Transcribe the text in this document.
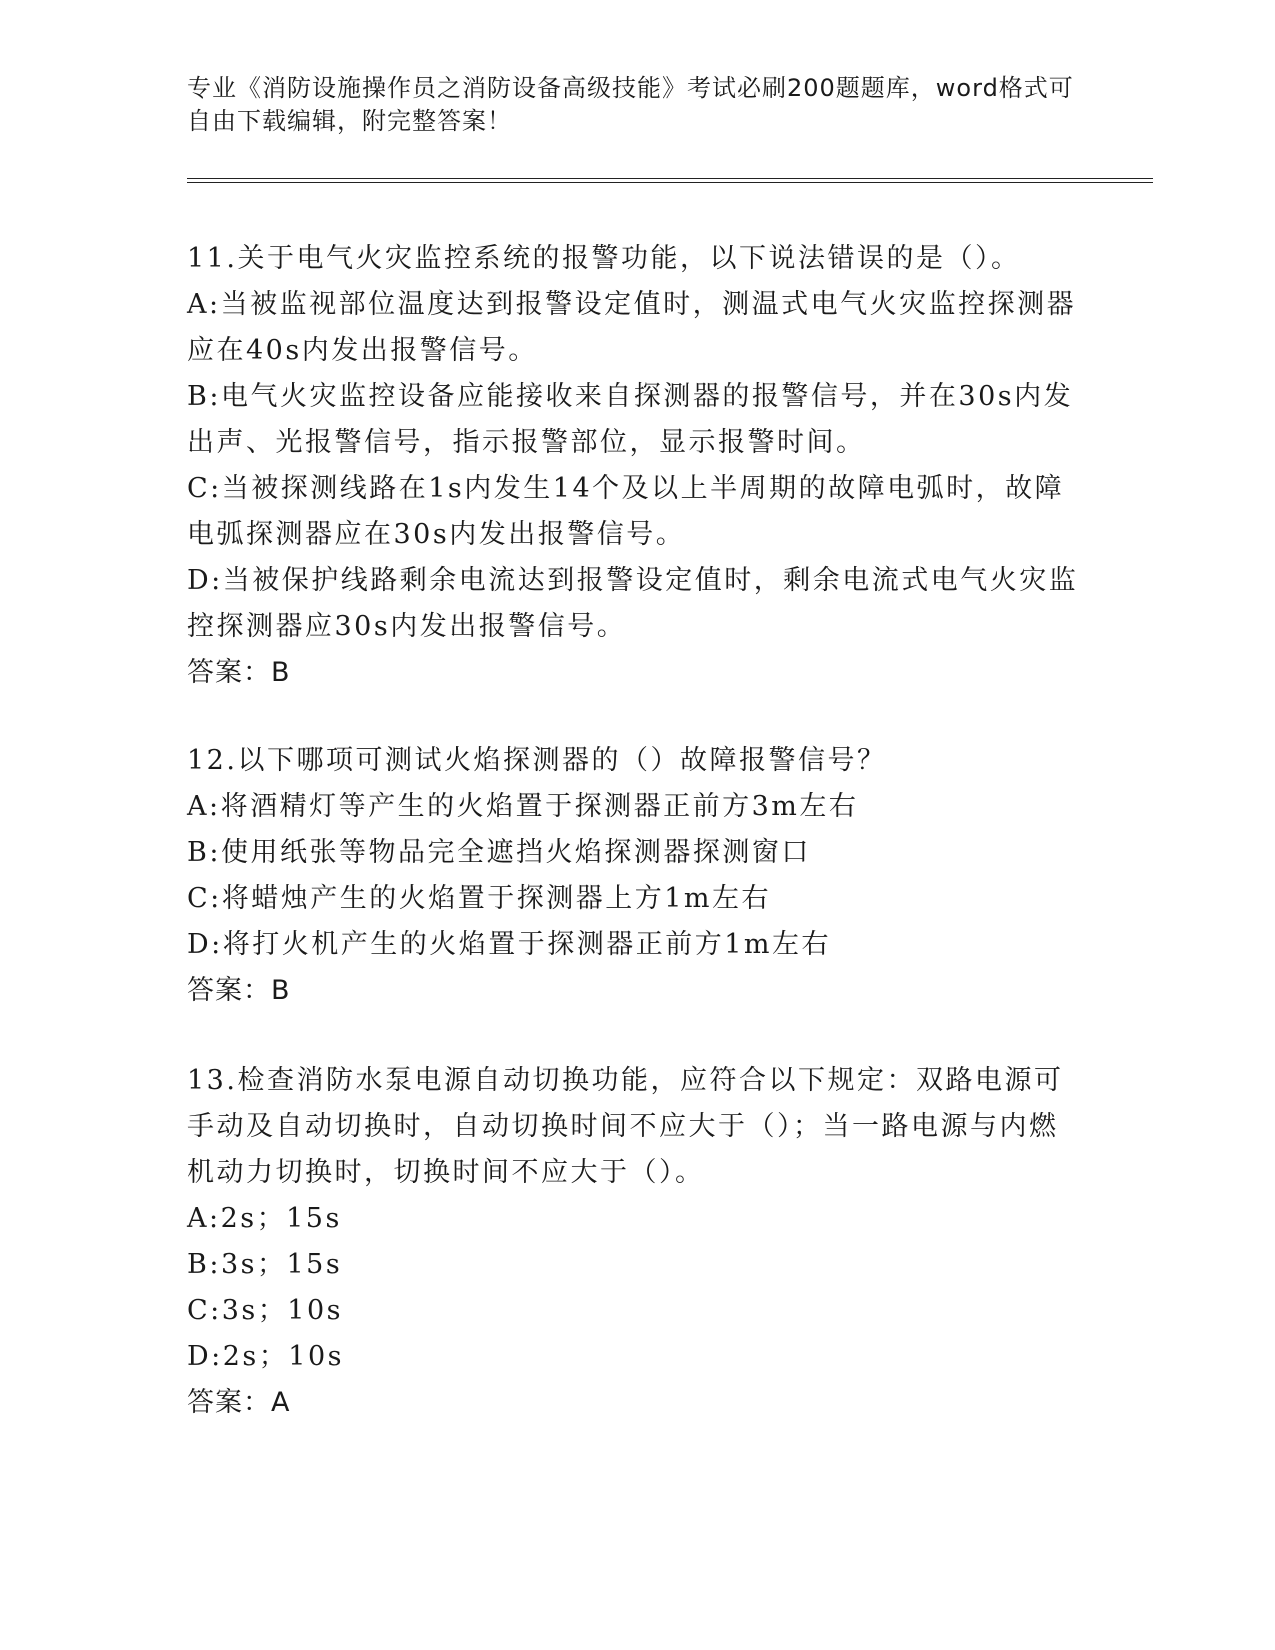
专业《消防设施操作员之消防设备高级技能》考试必刷200题题库，word格式可自由下载编辑，附完整答案！

11.关于电气火灾监控系统的报警功能，以下说法错误的是（）。

A:当被监视部位温度达到报警设定值时，测温式电气火灾监控探测器应在40s内发出报警信号。

B:电气火灾监控设备应能接收来自探测器的报警信号，并在30s内发出声、光报警信号，指示报警部位，显示报警时间。

C:当被探测线路在1s内发生14个及以上半周期的故障电弧时，故障电弧探测器应在30s内发出报警信号。

D:当被保护线路剩余电流达到报警设定值时，剩余电流式电气火灾监控探测器应30s内发出报警信号。

答案：B

12.以下哪项可测试火焰探测器的（）故障报警信号？

A:将酒精灯等产生的火焰置于探测器正前方3m左右

B:使用纸张等物品完全遮挡火焰探测器探测窗口

C:将蜡烛产生的火焰置于探测器上方1m左右

D:将打火机产生的火焰置于探测器正前方1m左右

答案：B

13.检查消防水泵电源自动切换功能，应符合以下规定：双路电源可手动及自动切换时，自动切换时间不应大于（）；当一路电源与内燃机动力切换时，切换时间不应大于（）。

A:2s；15s

B:3s；15s

C:3s；10s

D:2s；10s

答案：A
